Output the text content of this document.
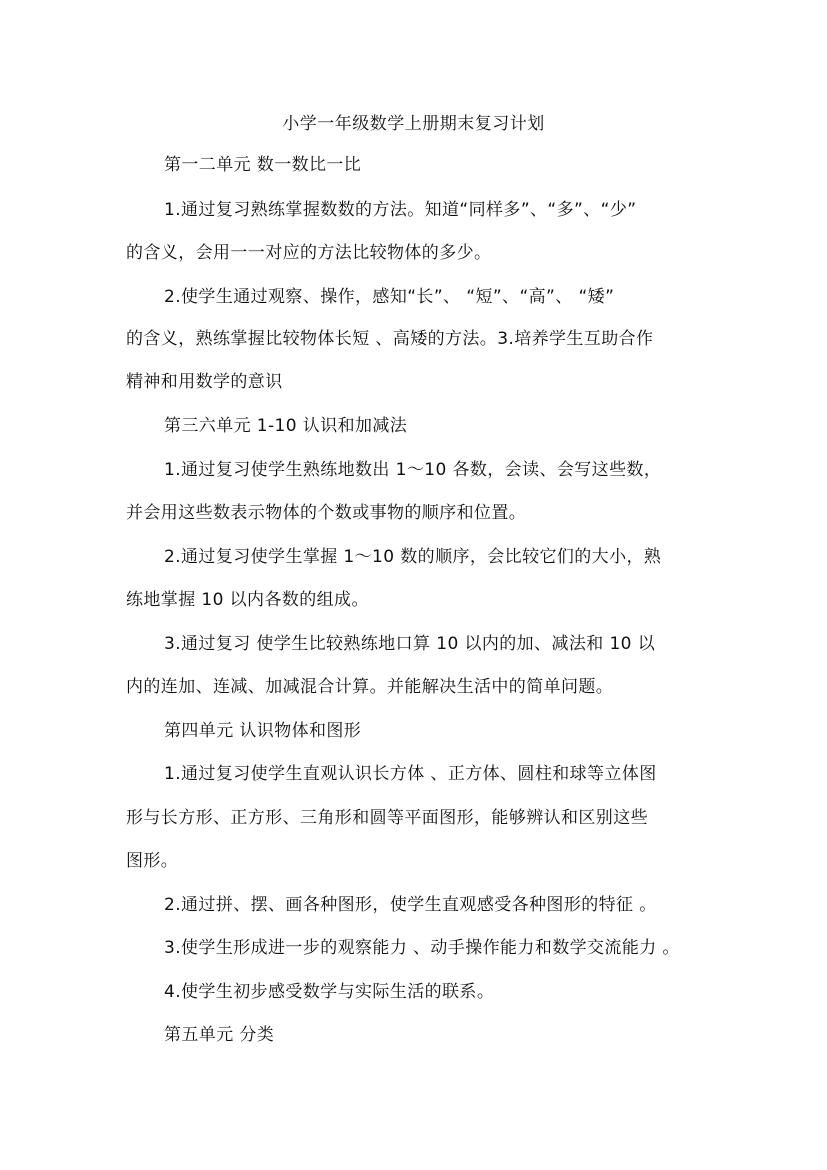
小学一年级数学上册期末复习计划
第一二单元 数一数比一比
1.通过复习熟练掌握数数的方法。知道“同样多”、“多”、“少”
的含义，会用一一对应的方法比较物体的多少。
2.使学生通过观察、操作，感知“长”、 “短”、“高”、 “矮”
的含义，熟练掌握比较物体长短 、高矮的方法。3.培养学生互助合作
精神和用数学的意识
第三六单元 1-10 认识和加减法
1.通过复习使学生熟练地数出 1～10 各数，会读、会写这些数，
并会用这些数表示物体的个数或事物的顺序和位置。
2.通过复习使学生掌握 1～10 数的顺序，会比较它们的大小，熟
练地掌握 10 以内各数的组成。
3.通过复习 使学生比较熟练地口算 10 以内的加、减法和 10 以
内的连加、连减、加减混合计算。并能解决生活中的简单问题。
第四单元 认识物体和图形
1.通过复习使学生直观认识长方体 、正方体、圆柱和球等立体图
形与长方形、正方形、三角形和圆等平面图形，能够辨认和区别这些
图形。
2.通过拼、摆、画各种图形，使学生直观感受各种图形的特征 。
3.使学生形成进一步的观察能力 、动手操作能力和数学交流能力 。
4.使学生初步感受数学与实际生活的联系。
第五单元 分类
